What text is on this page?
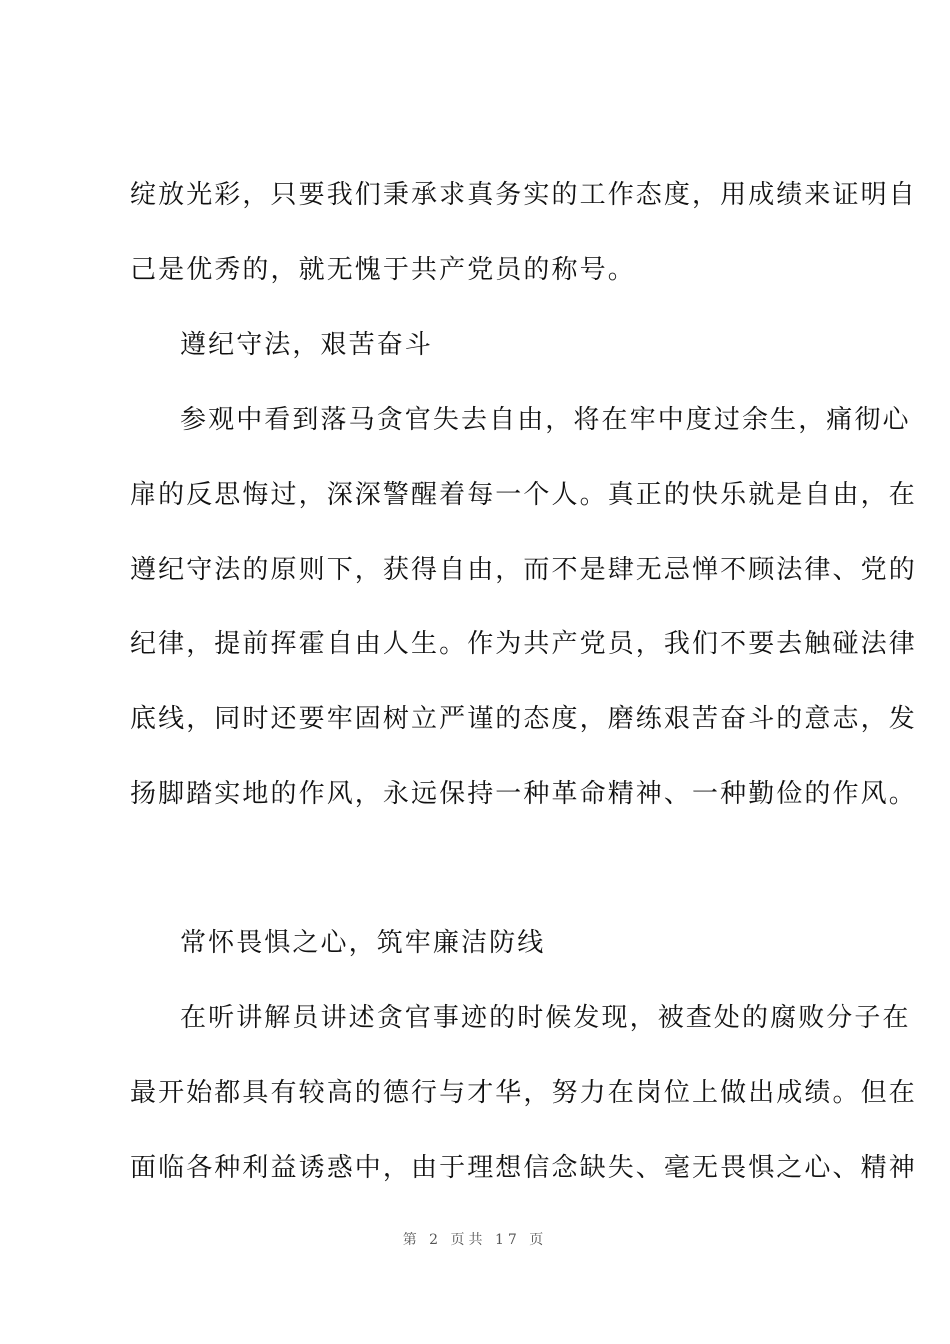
绽放光彩，只要我们秉承求真务实的工作态度，用成绩来证明自
己是优秀的，就无愧于共产党员的称号。
遵纪守法，艰苦奋斗
参观中看到落马贪官失去自由，将在牢中度过余生，痛彻心
扉的反思悔过，深深警醒着每一个人。真正的快乐就是自由，在
遵纪守法的原则下，获得自由，而不是肆无忌惮不顾法律、党的
纪律，提前挥霍自由人生。作为共产党员，我们不要去触碰法律
底线，同时还要牢固树立严谨的态度，磨练艰苦奋斗的意志，发
扬脚踏实地的作风，永远保持一种革命精神、一种勤俭的作风。
常怀畏惧之心，筑牢廉洁防线
在听讲解员讲述贪官事迹的时候发现，被查处的腐败分子在
最开始都具有较高的德行与才华，努力在岗位上做出成绩。但在
面临各种利益诱惑中，由于理想信念缺失、毫无畏惧之心、精神
第 2 页共 17 页
